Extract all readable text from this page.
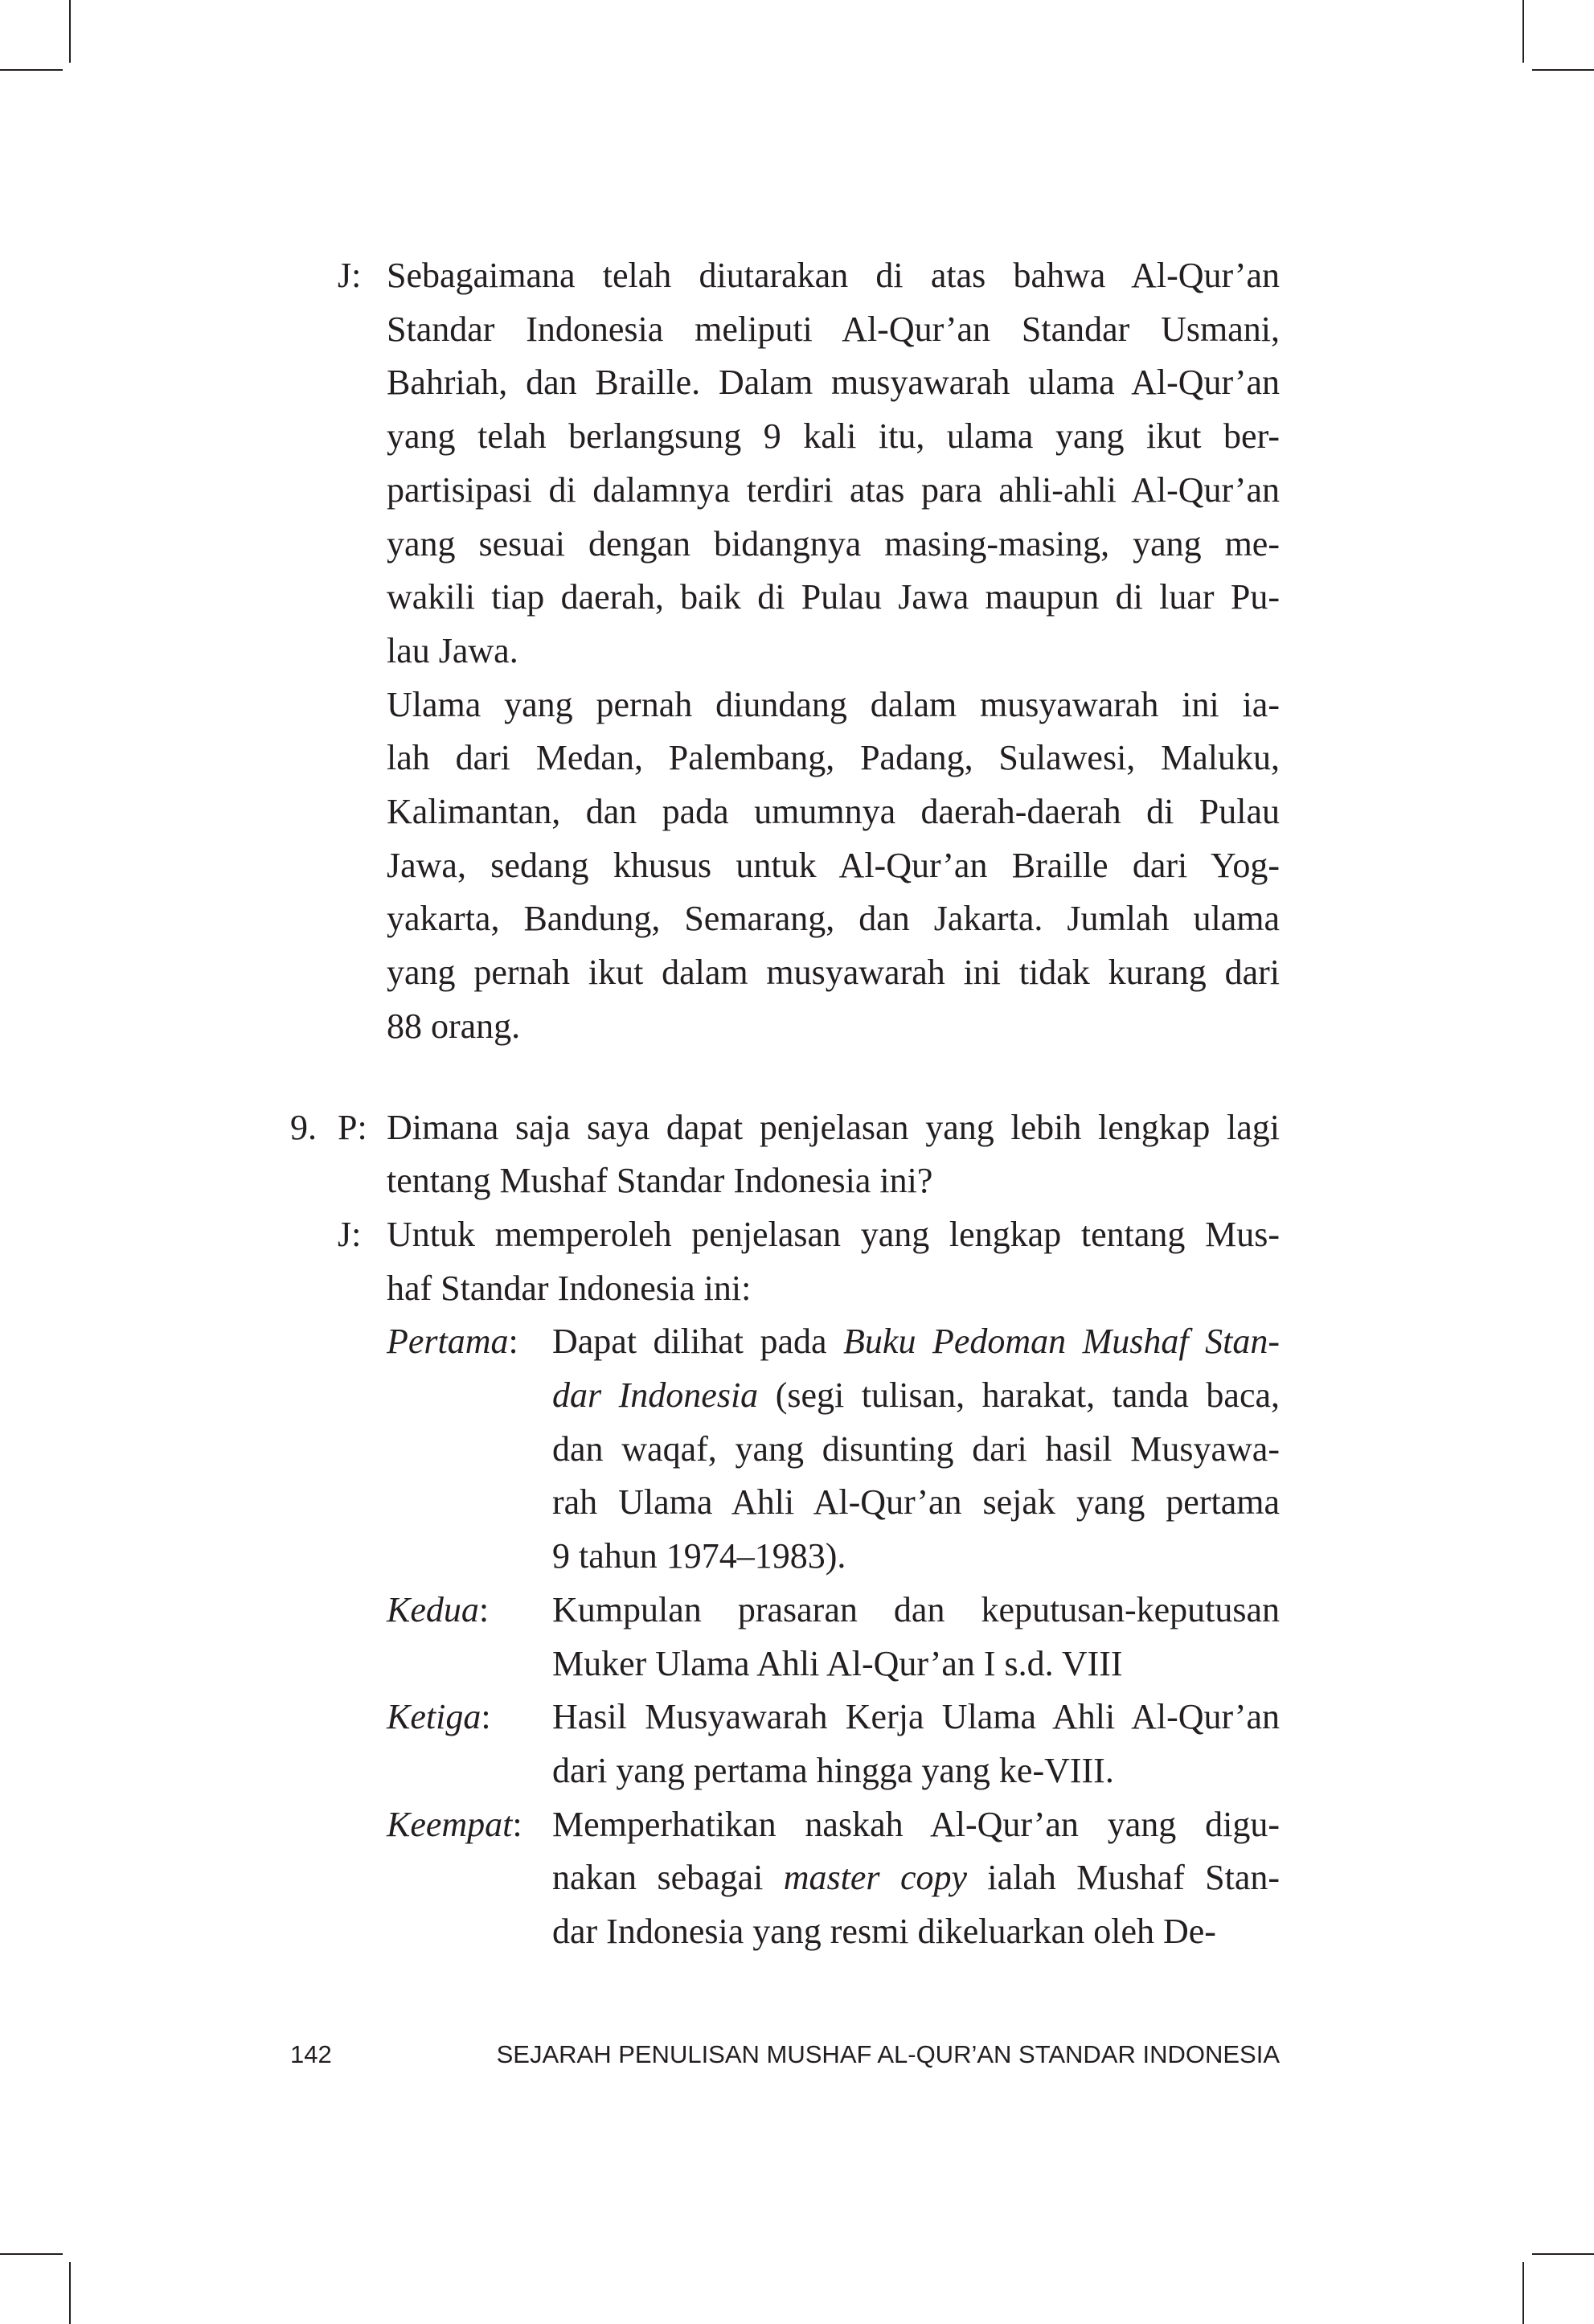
J: Sebagaimana telah diutarakan di atas bahwa Al-Qur’an
Standar Indonesia meliputi Al-Qur’an Standar Usmani,
Bahriah, dan Braille. Dalam musyawarah ulama Al-Qur’an
yang telah berlangsung 9 kali itu, ulama yang ikut ber-
partisipasi di dalamnya terdiri atas para ahli-ahli Al-Qur’an
yang sesuai dengan bidangnya masing-masing, yang me-
wakili tiap daerah, baik di Pulau Jawa maupun di luar Pu-
lau Jawa.
Ulama yang pernah diundang dalam musyawarah ini ia-
lah dari Medan, Palembang, Padang, Sulawesi, Maluku,
Kalimantan, dan pada umumnya daerah-daerah di Pulau
Jawa, sedang khusus untuk Al-Qur’an Braille dari Yog-
yakarta, Bandung, Semarang, dan Jakarta. Jumlah ulama
yang pernah ikut dalam musyawarah ini tidak kurang dari
88 orang.
9. P: Dimana saja saya dapat penjelasan yang lebih lengkap lagi
tentang Mushaf Standar Indonesia ini?
J: Untuk memperoleh penjelasan yang lengkap tentang Mus-
haf Standar Indonesia ini:
Pertama: Dapat dilihat pada Buku Pedoman Mushaf Stan-
dar Indonesia (segi tulisan, harakat, tanda baca,
dan waqaf, yang disunting dari hasil Musyawa-
rah Ulama Ahli Al-Qur’an sejak yang pertama
9 tahun 1974–1983).
Kedua: Kumpulan prasaran dan keputusan-keputusan
Muker Ulama Ahli Al-Qur’an I s.d. VIII
Ketiga: Hasil Musyawarah Kerja Ulama Ahli Al-Qur’an
dari yang pertama hingga yang ke-VIII.
Keempat: Memperhatikan naskah Al-Qur’an yang digu-
nakan sebagai master copy ialah Mushaf Stan-
dar Indonesia yang resmi dikeluarkan oleh De-
142	SEJARAH PENULISAN MUSHAF AL-QUR’AN STANDAR INDONESIA
